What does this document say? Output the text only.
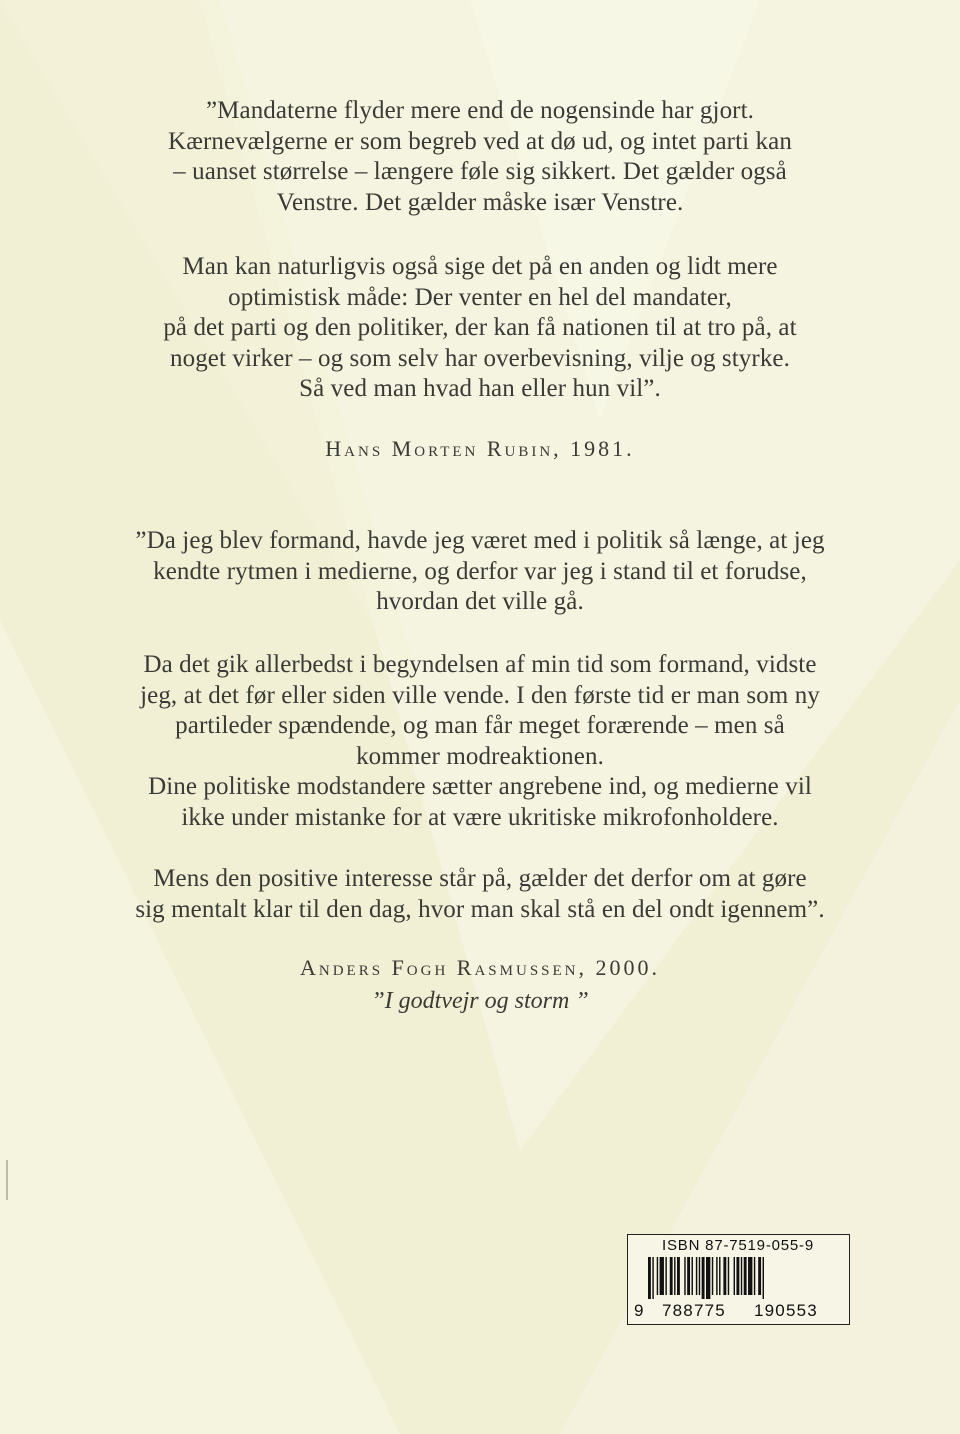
”Mandaterne flyder mere end de nogensinde har gjort.
Kærnevælgerne er som begreb ved at dø ud, og intet parti kan
– uanset størrelse – længere føle sig sikkert. Det gælder også
Venstre. Det gælder måske især Venstre.
Man kan naturligvis også sige det på en anden og lidt mere
optimistisk måde: Der venter en hel del mandater,
på det parti og den politiker, der kan få nationen til at tro på, at
noget virker – og som selv har overbevisning, vilje og styrke.
Så ved man hvad han eller hun vil”.
Hans Morten Rubin, 1981.
”Da jeg blev formand, havde jeg været med i politik så længe, at jeg
kendte rytmen i medierne, og derfor var jeg i stand til et forudse,
hvordan det ville gå.
Da det gik allerbedst i begyndelsen af min tid som formand, vidste
jeg, at det før eller siden ville vende. I den første tid er man som ny
partileder spændende, og man får meget forærende – men så
kommer modreaktionen.
Dine politiske modstandere sætter angrebene ind, og medierne vil
ikke under mistanke for at være ukritiske mikrofonholdere.
Mens den positive interesse står på, gælder det derfor om at gøre
sig mentalt klar til den dag, hvor man skal stå en del ondt igennem”.
Anders Fogh Rasmussen, 2000.
”I godtvejr og storm ”
ISBN 87-7519-055-9
9 788775 190553
